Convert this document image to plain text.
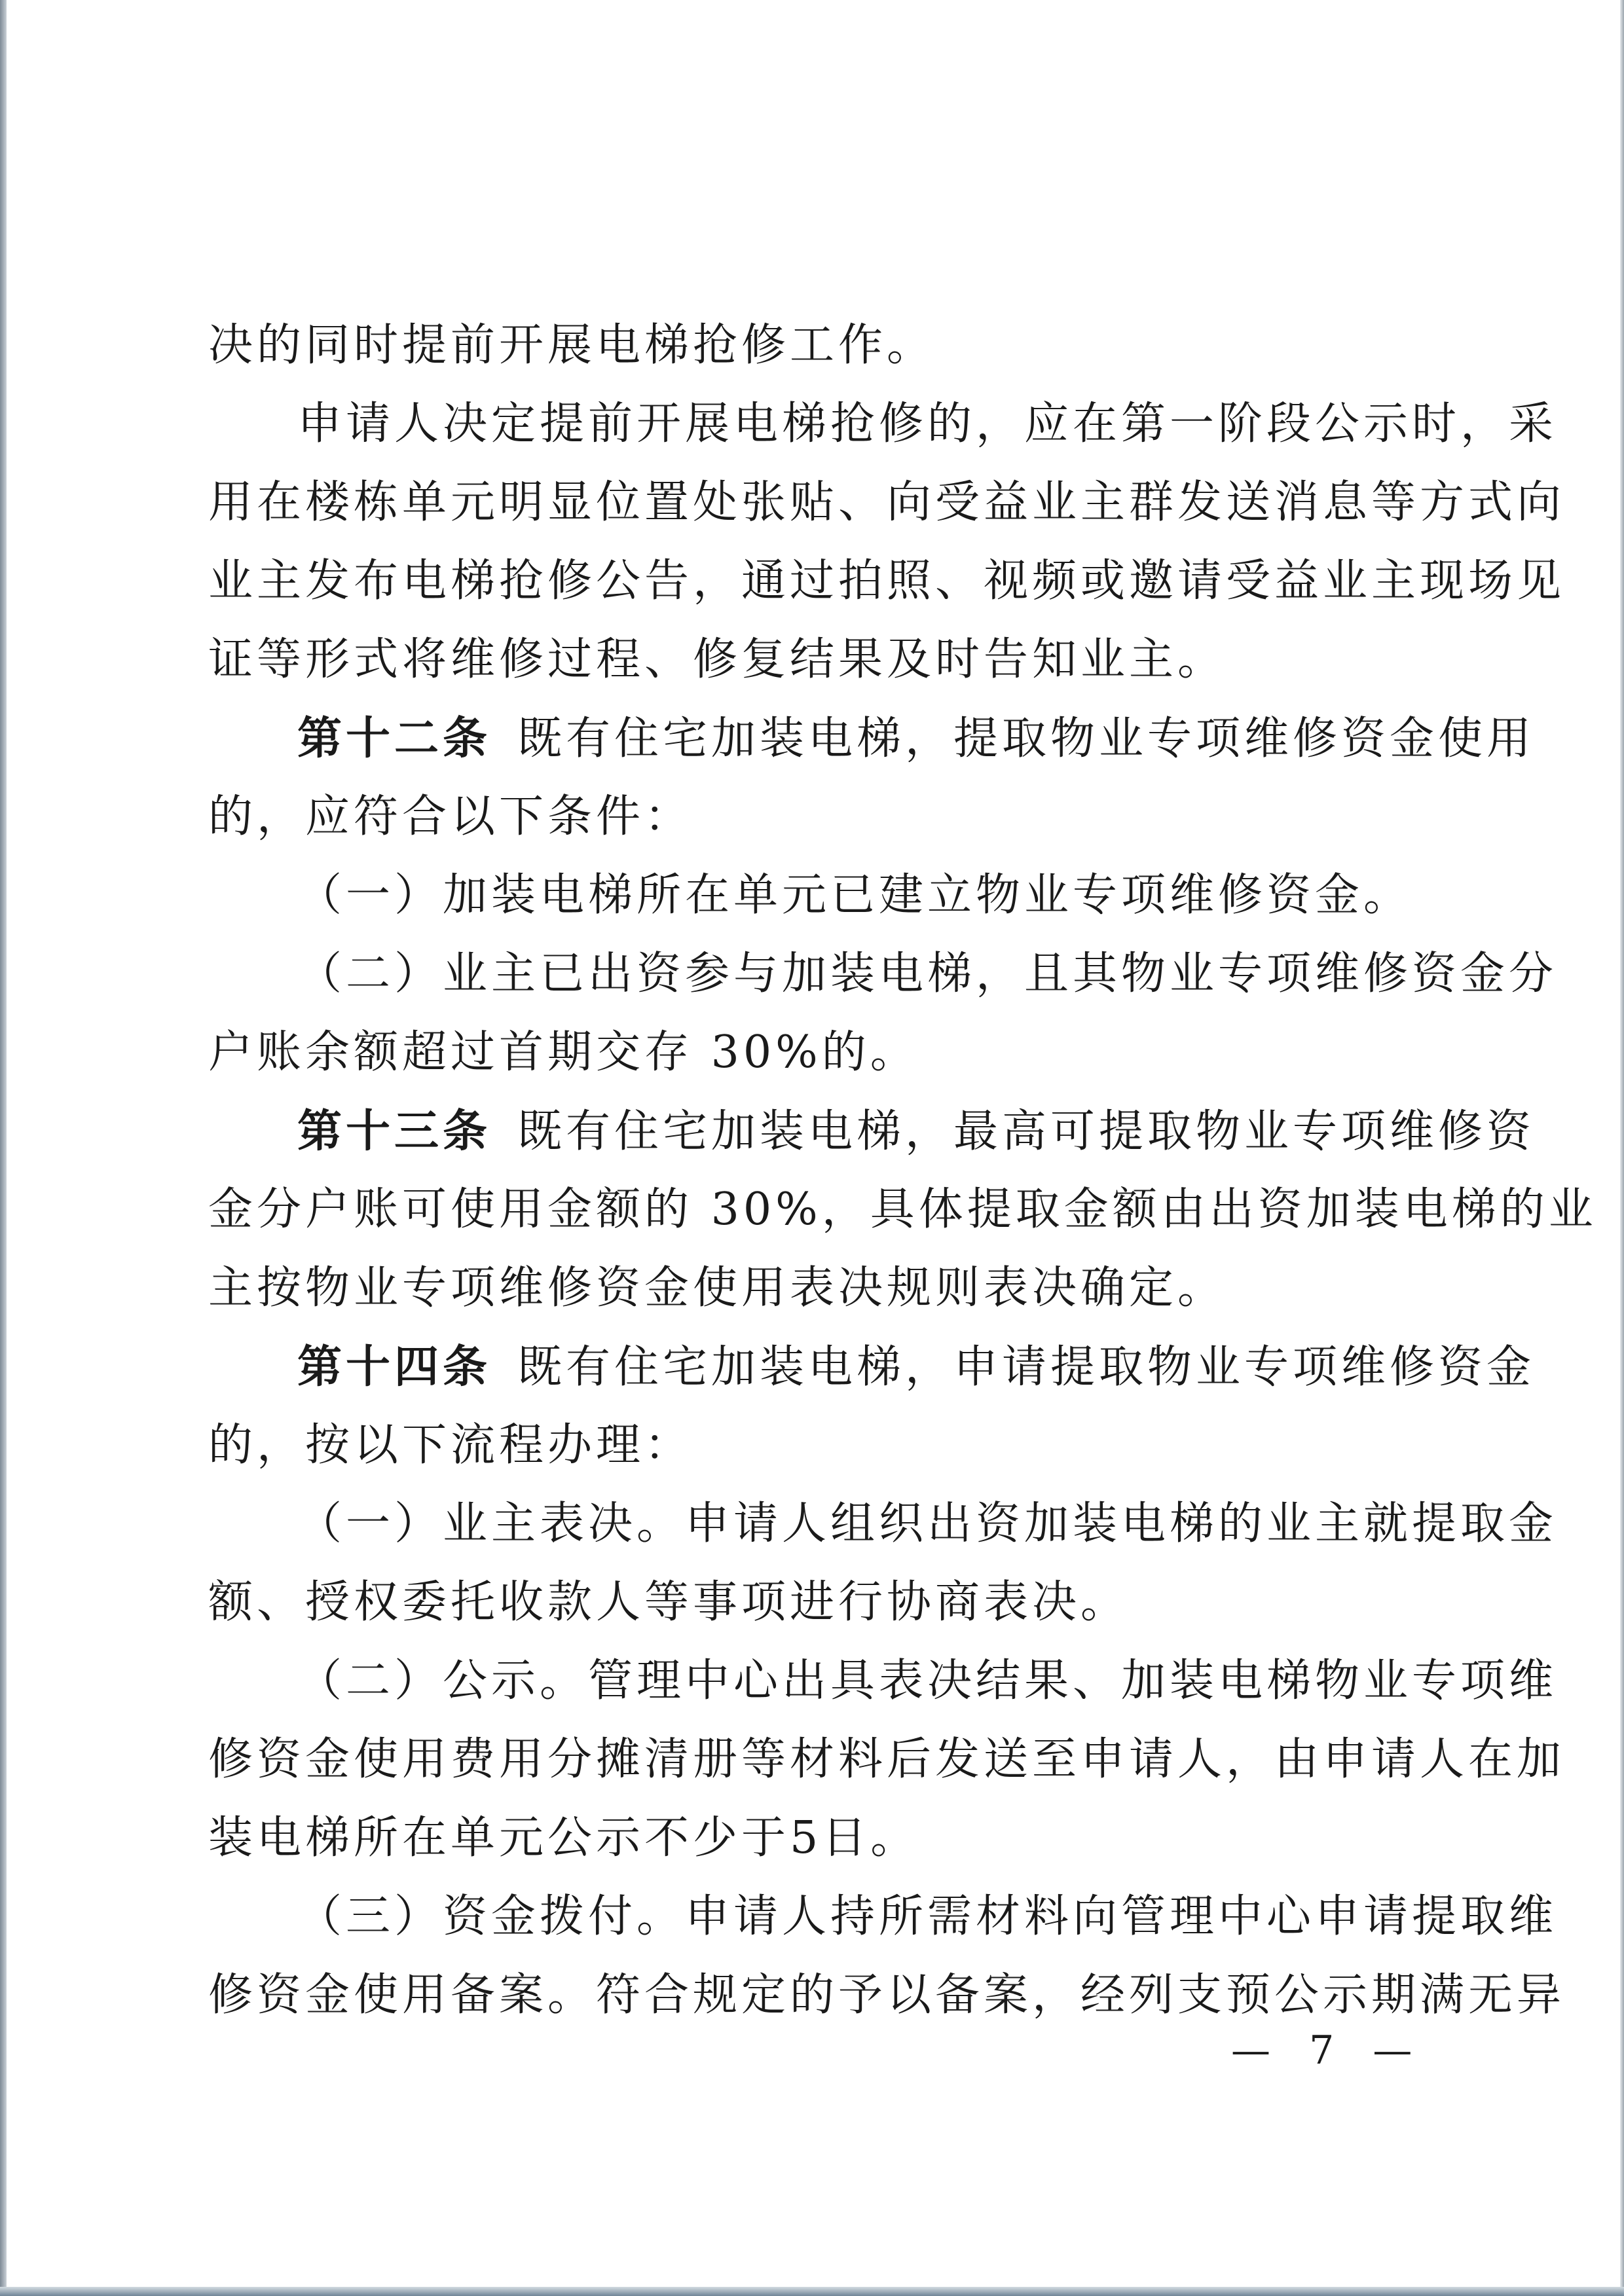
决的同时提前开展电梯抢修工作。
申请人决定提前开展电梯抢修的，应在第一阶段公示时，采
用在楼栋单元明显位置处张贴、向受益业主群发送消息等方式向
业主发布电梯抢修公告，通过拍照、视频或邀请受益业主现场见
证等形式将维修过程、修复结果及时告知业主。
第十二条  既有住宅加装电梯，提取物业专项维修资金使用
的，应符合以下条件：
（一）加装电梯所在单元已建立物业专项维修资金。
（二）业主已出资参与加装电梯，且其物业专项维修资金分
户账余额超过首期交存 30%的。
第十三条  既有住宅加装电梯，最高可提取物业专项维修资
金分户账可使用金额的 30%，具体提取金额由出资加装电梯的业
主按物业专项维修资金使用表决规则表决确定。
第十四条  既有住宅加装电梯，申请提取物业专项维修资金
的，按以下流程办理：
（一）业主表决。申请人组织出资加装电梯的业主就提取金
额、授权委托收款人等事项进行协商表决。
（二）公示。管理中心出具表决结果、加装电梯物业专项维
修资金使用费用分摊清册等材料后发送至申请人，由申请人在加
装电梯所在单元公示不少于5日。
（三）资金拨付。申请人持所需材料向管理中心申请提取维
修资金使用备案。符合规定的予以备案，经列支预公示期满无异
— 7 —
